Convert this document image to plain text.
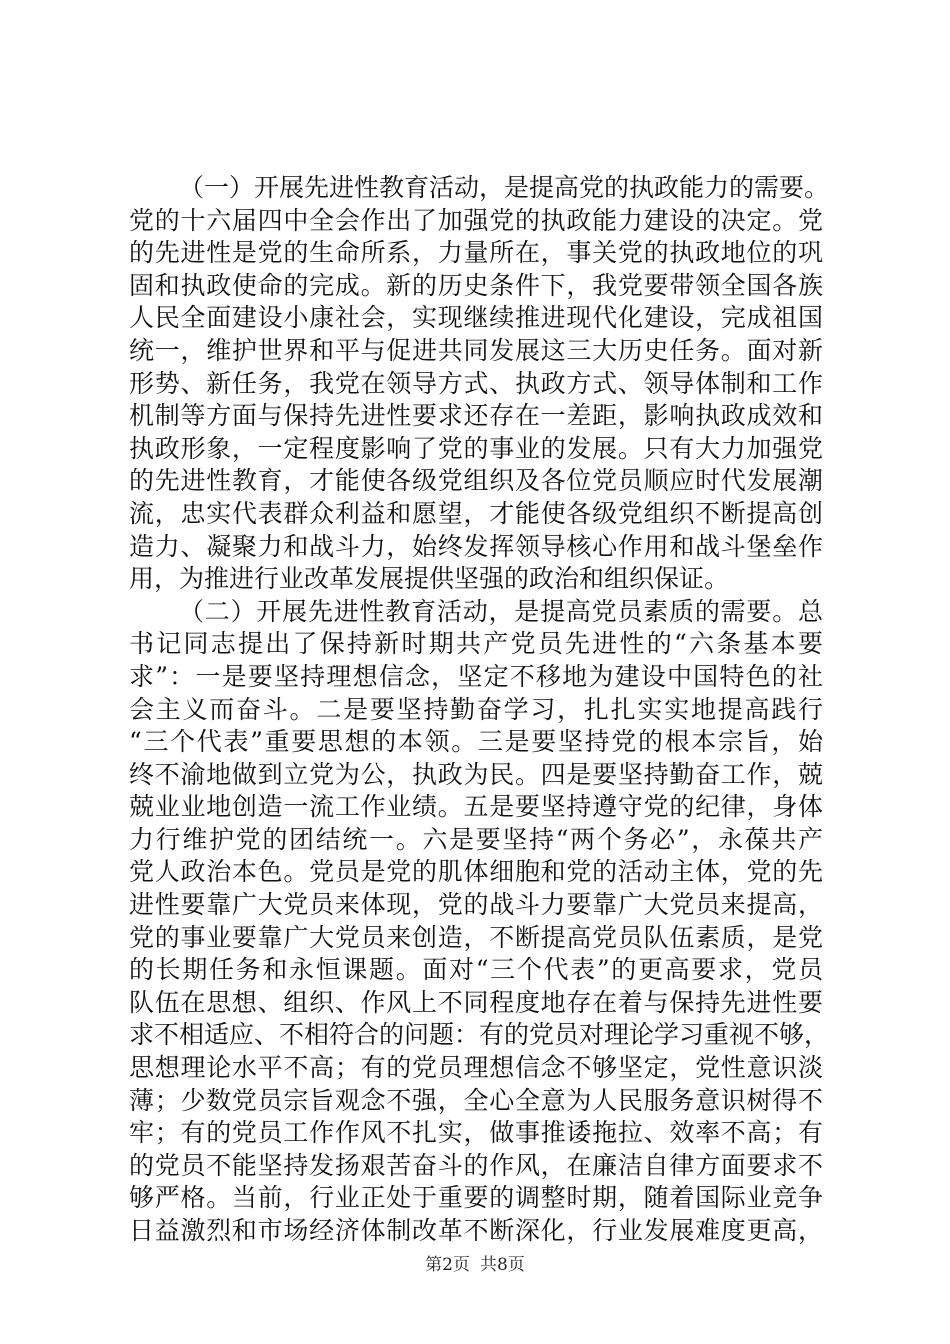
（一）开展先进性教育活动，是提高党的执政能力的需要。
党的十六届四中全会作出了加强党的执政能力建设的决定。党
的先进性是党的生命所系，力量所在，事关党的执政地位的巩
固和执政使命的完成。新的历史条件下，我党要带领全国各族
人民全面建设小康社会，实现继续推进现代化建设，完成祖国
统一，维护世界和平与促进共同发展这三大历史任务。面对新
形势、新任务，我党在领导方式、执政方式、领导体制和工作
机制等方面与保持先进性要求还存在一差距，影响执政成效和
执政形象，一定程度影响了党的事业的发展。只有大力加强党
的先进性教育，才能使各级党组织及各位党员顺应时代发展潮
流，忠实代表群众利益和愿望，才能使各级党组织不断提高创
造力、凝聚力和战斗力，始终发挥领导核心作用和战斗堡垒作
用，为推进行业改革发展提供坚强的政治和组织保证。
（二）开展先进性教育活动，是提高党员素质的需要。总
书记同志提出了保持新时期共产党员先进性的“六条基本要
求”：一是要坚持理想信念，坚定不移地为建设中国特色的社
会主义而奋斗。二是要坚持勤奋学习，扎扎实实地提高践行
“三个代表”重要思想的本领。三是要坚持党的根本宗旨，始
终不渝地做到立党为公，执政为民。四是要坚持勤奋工作，兢
兢业业地创造一流工作业绩。五是要坚持遵守党的纪律，身体
力行维护党的团结统一。六是要坚持“两个务必”，永葆共产
党人政治本色。党员是党的肌体细胞和党的活动主体，党的先
进性要靠广大党员来体现，党的战斗力要靠广大党员来提高，
党的事业要靠广大党员来创造，不断提高党员队伍素质，是党
的长期任务和永恒课题。面对“三个代表”的更高要求，党员
队伍在思想、组织、作风上不同程度地存在着与保持先进性要
求不相适应、不相符合的问题：有的党员对理论学习重视不够，
思想理论水平不高；有的党员理想信念不够坚定，党性意识淡
薄；少数党员宗旨观念不强，全心全意为人民服务意识树得不
牢；有的党员工作作风不扎实，做事推诿拖拉、效率不高；有
的党员不能坚持发扬艰苦奋斗的作风，在廉洁自律方面要求不
够严格。当前，行业正处于重要的调整时期，随着国际业竞争
日益激烈和市场经济体制改革不断深化，行业发展难度更高，
第2页 共8页
